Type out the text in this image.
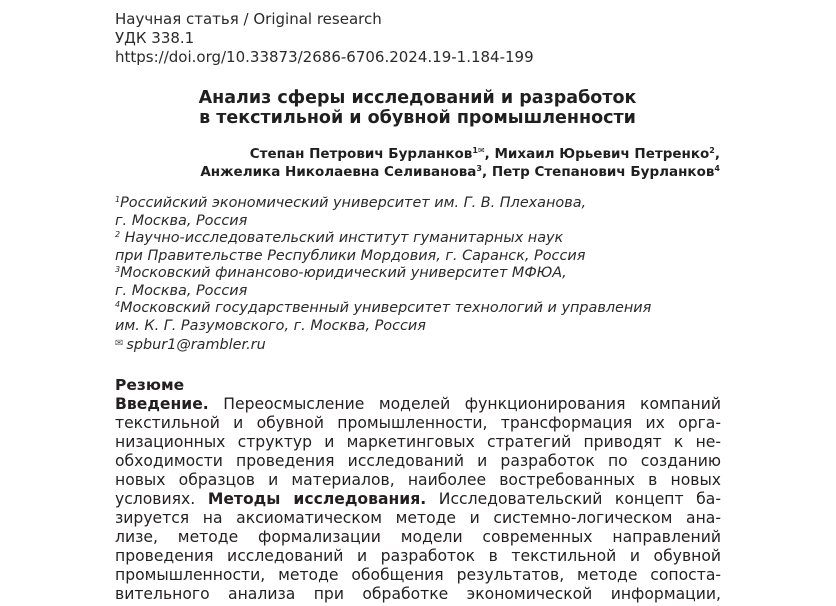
Научная статья / Original research
УДК 338.1
https://doi.org/10.33873/2686-6706.2024.19-1.184-199
Анализ сферы исследований и разработок
в текстильной и обувной промышленности
Степан Петрович Бурланков$^{1✉}$, Михаил Юрьевич Петренко$^2$,
Анжелика Николаевна Селиванова$^3$, Петр Степанович Бурланков$^4$
$^1$Российский экономический университет им. Г. В. Плеханова,
г. Москва, Россия
$^2$ Научно-исследовательский институт гуманитарных наук
при Правительстве Республики Мордовия, г. Саранск, Россия
$^3$Московский финансово-юридический университет МФЮА,
г. Москва, Россия
$^4$Московский государственный университет технологий и управления
им. К. Г. Разумовского, г. Москва, Россия
✉ spbur1@rambler.ru
Резюме
Введение. Переосмысление моделей функционирования компаний
текстильной и обувной промышленности, трансформация их орга-
низационных структур и маркетинговых стратегий приводят к не-
обходимости проведения исследований и разработок по созданию
новых образцов и материалов, наиболее востребованных в новых
условиях. Методы исследования. Исследовательский концепт ба-
зируется на аксиоматическом методе и системно-логическом ана-
лизе, методе формализации модели современных направлений
проведения исследований и разработок в текстильной и обувной
промышленности, методе обобщения результатов, методе сопоста-
вительного анализа при обработке экономической информации,
